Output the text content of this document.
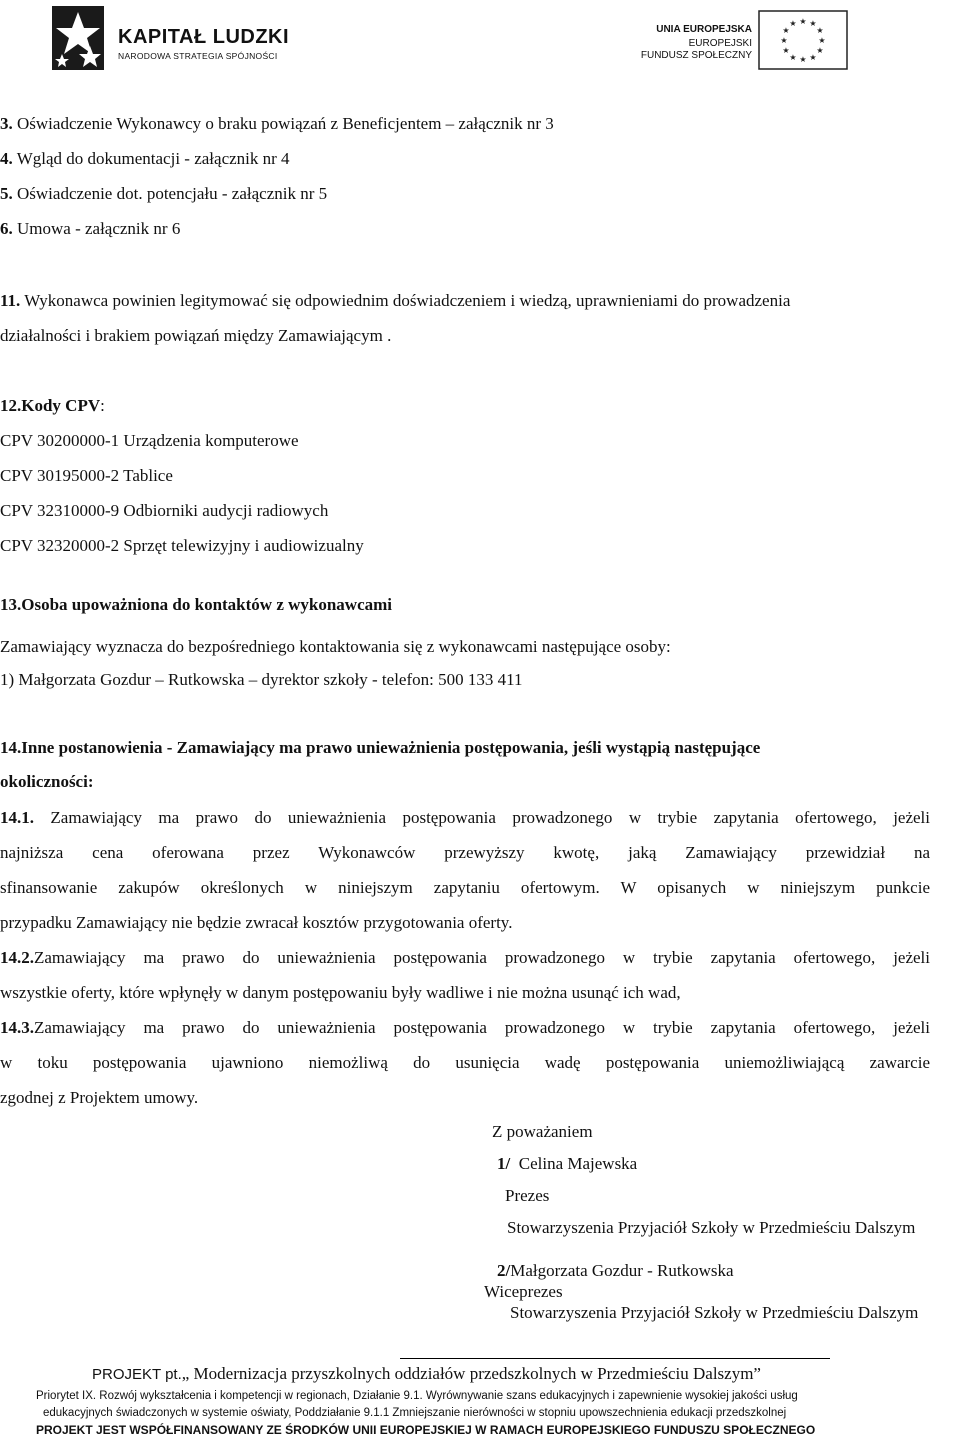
KAPITAŁ LUDZKI
NARODOWA STRATEGIA SPÓJNOŚCI
UNIA EUROPEJSKA
EUROPEJSKI
FUNDUSZ SPOŁECZNY
★ ★
★
★
★
★
★
★
★
★
★
★
3. Oświadczenie Wykonawcy o braku powiązań z Beneficjentem – załącznik nr 3
4. Wgląd do dokumentacji - załącznik nr 4
5. Oświadczenie dot. potencjału - załącznik nr 5
6. Umowa - załącznik nr 6
11. Wykonawca powinien legitymować się odpowiednim doświadczeniem i wiedzą, uprawnieniami do prowadzenia
działalności i brakiem powiązań między Zamawiającym .
12.Kody CPV:
CPV 30200000-1 Urządzenia komputerowe
CPV 30195000-2 Tablice
CPV 32310000-9 Odbiorniki audycji radiowych
CPV 32320000-2 Sprzęt telewizyjny i audiowizualny
13.Osoba upoważniona do kontaktów z wykonawcami
Zamawiający wyznacza do bezpośredniego kontaktowania się z wykonawcami następujące osoby:
1) Małgorzata Gozdur – Rutkowska – dyrektor szkoły - telefon: 500 133 411
14.Inne postanowienia - Zamawiający ma prawo unieważnienia postępowania, jeśli wystąpią następujące
okoliczności:
14.1. Zamawiający ma prawo do unieważnienia postępowania prowadzonego w trybie zapytania ofertowego, jeżeli
najniższa cena oferowana przez Wykonawców przewyższy kwotę, jaką Zamawiający przewidział na
sfinansowanie zakupów określonych w niniejszym zapytaniu ofertowym. W opisanych w niniejszym punkcie
przypadku Zamawiający nie będzie zwracał kosztów przygotowania oferty.
14.2.Zamawiający ma prawo do unieważnienia postępowania prowadzonego w trybie zapytania ofertowego, jeżeli
wszystkie oferty, które wpłynęły w danym postępowaniu były wadliwe i nie można usunąć ich wad,
14.3.Zamawiający ma prawo do unieważnienia postępowania prowadzonego w trybie zapytania ofertowego, jeżeli
w toku postępowania ujawniono niemożliwą do usunięcia wadę postępowania uniemożliwiającą zawarcie
zgodnej z Projektem umowy.
Z poważaniem
1/ Celina Majewska
Prezes
Stowarzyszenia Przyjaciół Szkoły w Przedmieściu Dalszym
2/Małgorzata Gozdur - Rutkowska
Wiceprezes
Stowarzyszenia Przyjaciół Szkoły w Przedmieściu Dalszym
PROJEKT pt.„ Modernizacja przyszkolnych oddziałów przedszkolnych w Przedmieściu Dalszym”
Priorytet IX. Rozwój wykształcenia i kompetencji w regionach, Działanie 9.1. Wyrównywanie szans edukacyjnych i zapewnienie wysokiej jakości usług
edukacyjnych świadczonych w systemie oświaty, Poddziałanie 9.1.1 Zmniejszanie nierówności w stopniu upowszechnienia edukacji przedszkolnej
PROJEKT JEST WSPÓŁFINANSOWANY ZE ŚRODKÓW UNII EUROPEJSKIEJ W RAMACH EUROPEJSKIEGO FUNDUSZU SPOŁECZNEGO
